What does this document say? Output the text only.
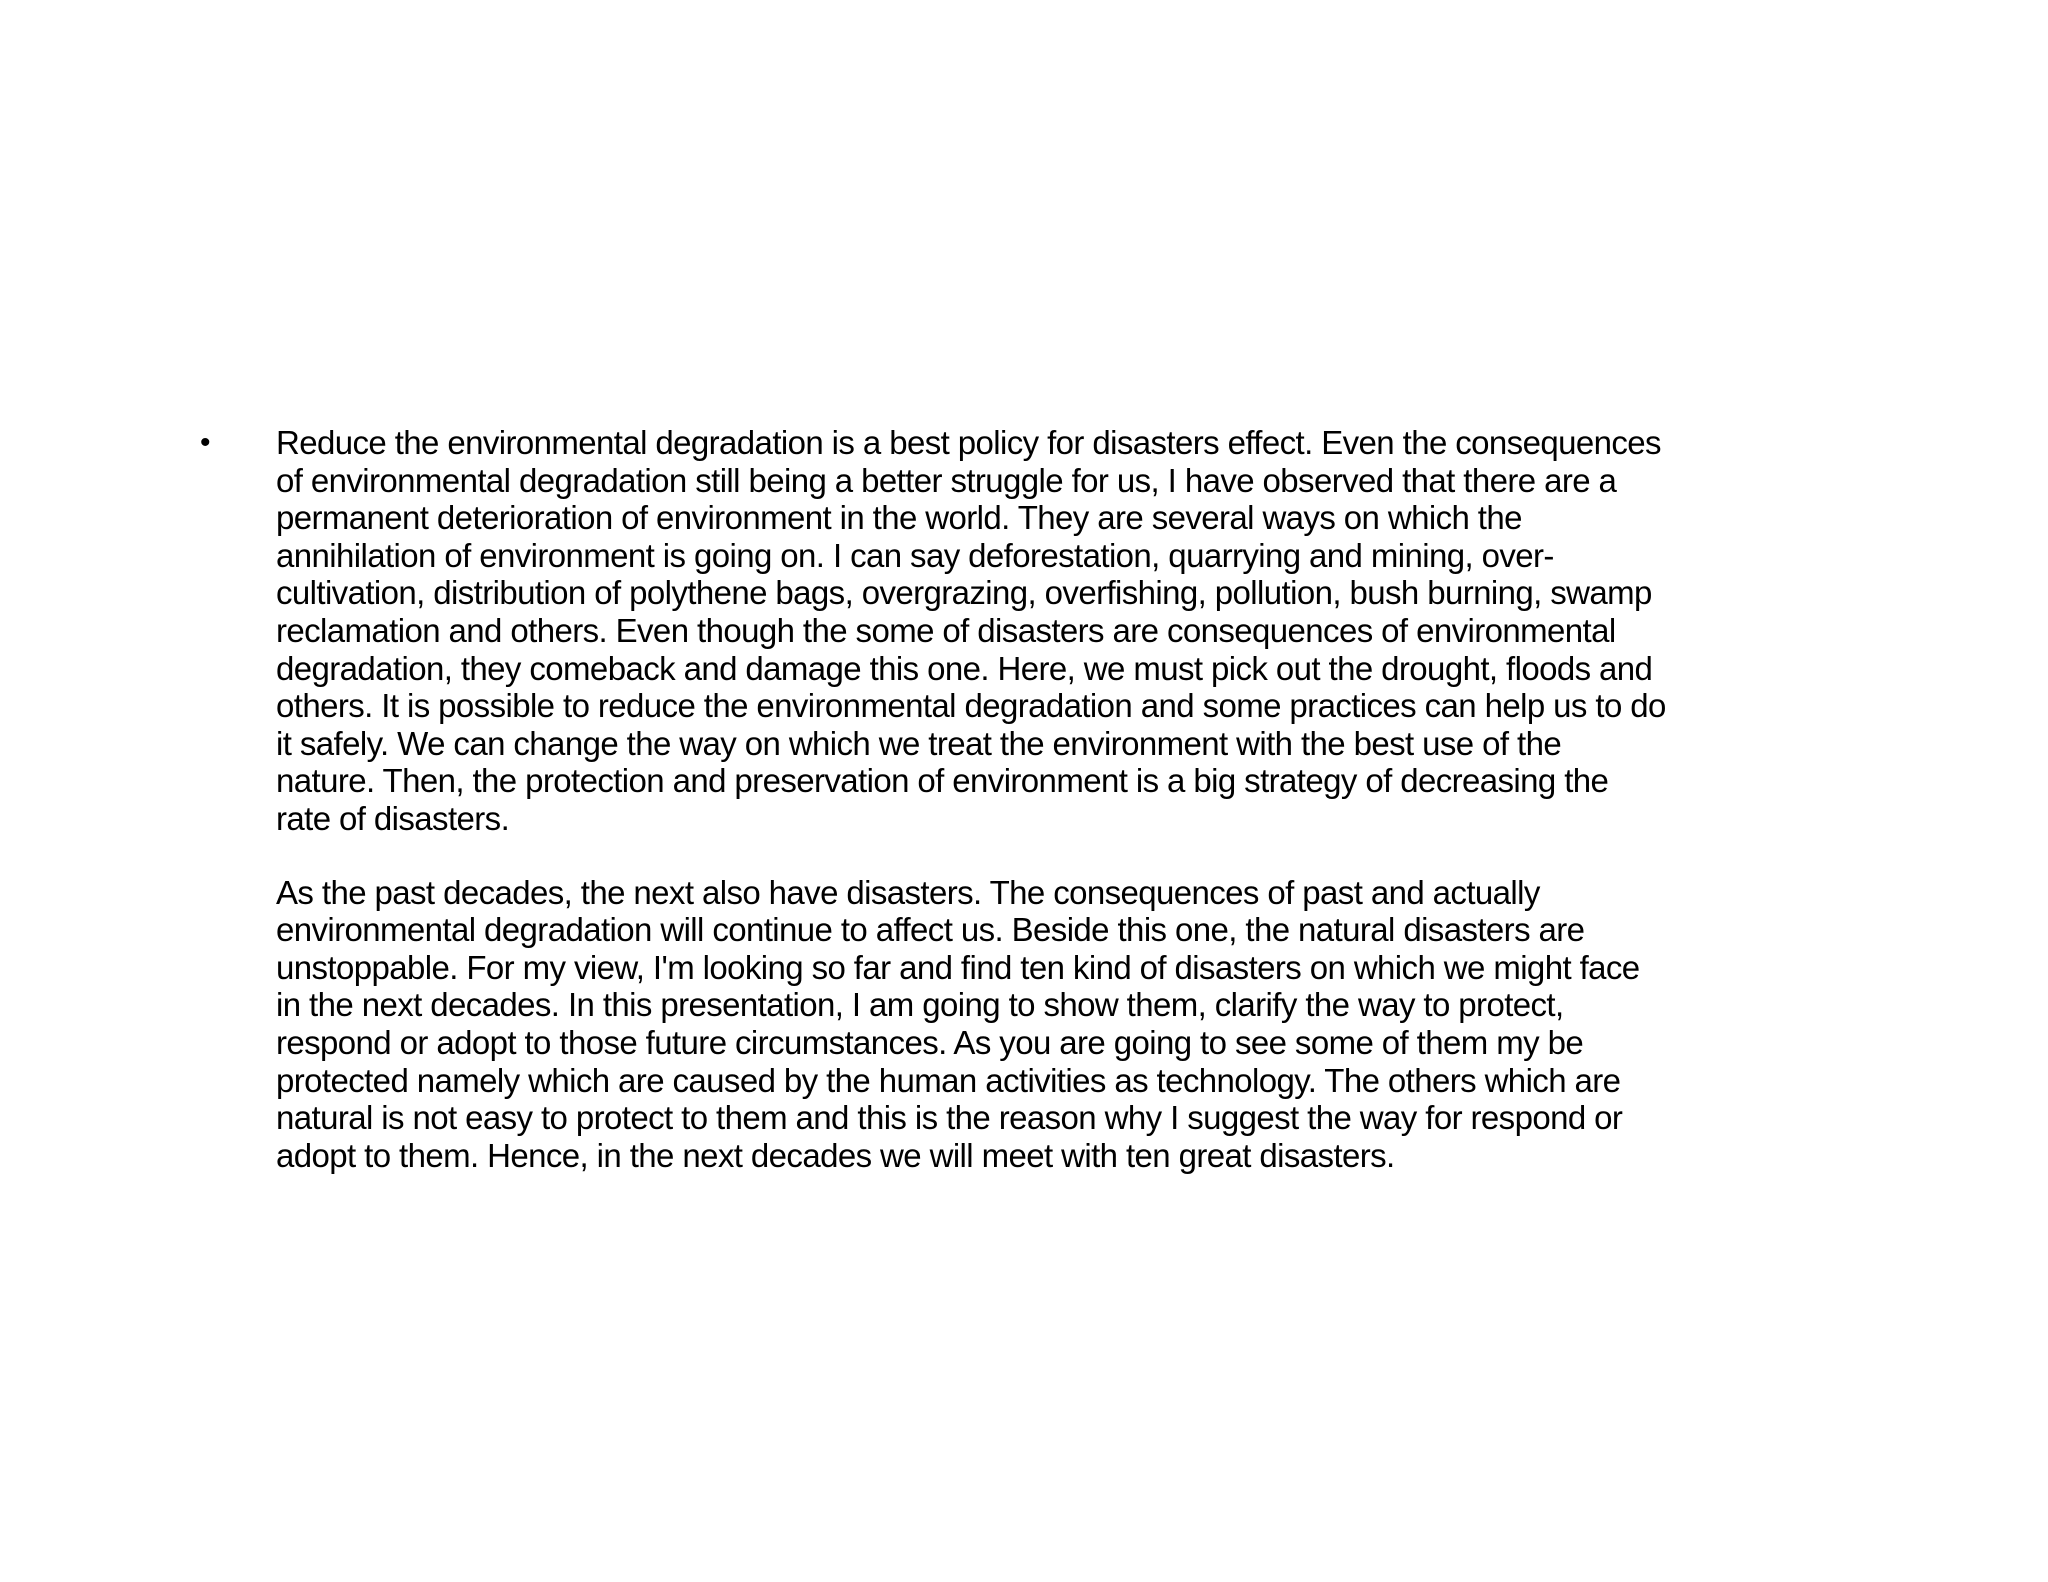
•	Reduce the environmental degradation is a best policy for disasters effect. Even the consequences
of environmental degradation still being a better struggle for us, I have observed that there are a
permanent deterioration of environment in the world. They are several ways on which the
annihilation of environment is going on. I can say deforestation, quarrying and mining, over-
cultivation, distribution of polythene bags, overgrazing, overfishing, pollution, bush burning, swamp
reclamation and others. Even though the some of disasters are consequences of environmental
degradation, they comeback and damage this one. Here, we must pick out the drought, floods and
others. It is possible to reduce the environmental degradation and some practices can help us to do
it safely. We can change the way on which we treat the environment with the best use of the
nature. Then, the protection and preservation of environment is a big strategy of decreasing the
rate of disasters.
As the past decades, the next also have disasters. The consequences of past and actually
environmental degradation will continue to affect us. Beside this one, the natural disasters are
unstoppable. For my view, I'm looking so far and find ten kind of disasters on which we might face
in the next decades. In this presentation, I am going to show them, clarify the way to protect,
respond or adopt to those future circumstances. As you are going to see some of them my be
protected namely which are caused by the human activities as technology. The others which are
natural is not easy to protect to them and this is the reason why I suggest the way for respond or
adopt to them. Hence, in the next decades we will meet with ten great disasters.
